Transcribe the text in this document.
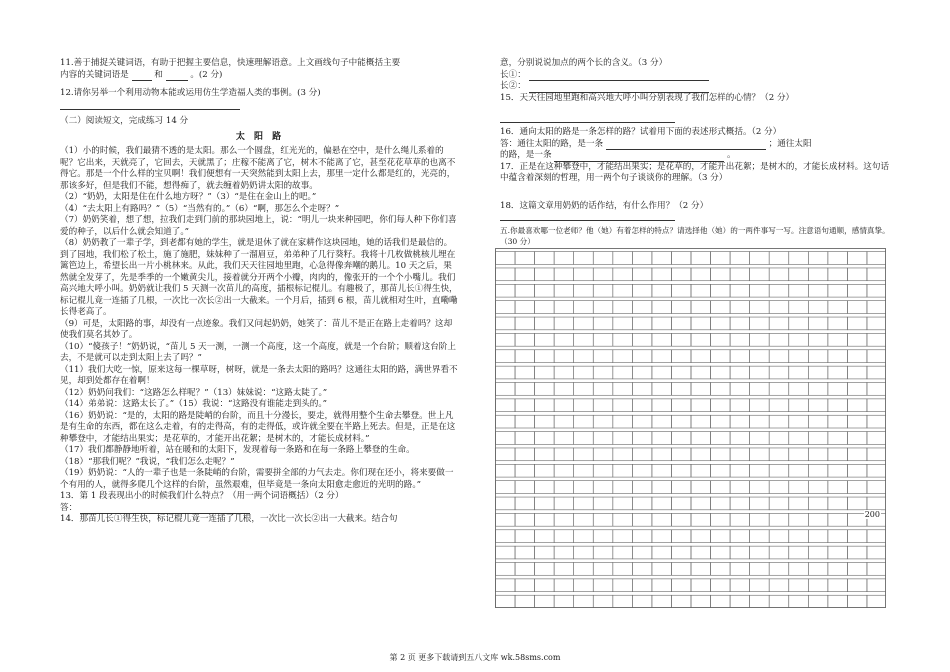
11.善于捕捉关键词语，有助于把握主要信息，快速理解语意。上文画线句子中能概括主要

内容的关键词语是	和	。(2 分)

12.请你另举一个利用动物本能或运用仿生学造福人类的事例。(3 分)

（二）阅读短文，完成练习 14 分

太 阳 路

（1）小的时候，我们最猜不透的是太阳。那么一个圆盘，红光光的，偏悬在空中，是什么绳儿系着的呢？它出来，天就亮了，它回去，天就黑了；庄稼不能离了它，树木不能离了它，甚至花花草草的也离不得它。那是一个什么样的宝贝啊！我们便想有一天突然能到太阳上去，那里一定什么都是红的，光亮的，那该多好，但是我们不能，想得痴了，就去缠着奶奶讲太阳的故事。

（2）“奶奶，太阳是住在什么地方呀？”（3）“是住在金山上的吧。”

（4）“去太阳上有路吗？”（5）“当然有的。”（6）“啊，那怎么个走呀？”

（7）奶奶笑着，想了想，拉我们走到门前的那块园地上，说：“明儿一块来种园吧，你们每人种下你们喜爱的种子，以后什么就会知道了。”

（8）奶奶教了一辈子学，到老都有她的学生，就是退休了就在家耕作这块园地，她的话我们是最信的。到了园地，我们松了松土，施了施肥，妹妹种了一溜眉豆，弟弟种了几行葵籽。我将十几枚做桃核儿埋在篱笆边上，希望长出一片小桃林来。从此，我们天天往园地里跑，心急得像奔嘲的鹅儿。10 天之后，果然就全发芽了，先是季季的一个嫩黄尖儿，接着就分开两个小瓣，肉肉的，像张开的一个个小嘴儿。我们高兴地大呼小叫。奶奶就让我们 5 天测一次苗儿的高度，插根标记棍儿。有趣极了，那苗儿长①得生快，标记棍儿竟一连插了几根，一次比一次长②出一大截来。一个月后，插到 6 根，苗儿就相对生叶，直嘞嘞长得老高了。

（9）可是，太阳路的事，却没有一点迹象。我们又问起奶奶，她笑了：苗儿不是正在路上走着吗？这却使我们莫名其妙了。

（10）“傻孩子！”奶奶说，“苗儿 5 天一测，一测一个高度，这一个高度，就是一个台阶；顺着这台阶上去，不是就可以走到太阳上去了吗？”

（11）我们大吃一惊，原来这每一棵草呀，树呀，就是一条去太阳的路吗？这通往太阳的路，满世界看不见，却到处都存在着啊！

（12）奶奶问我们：“这路怎么样呢？”（13）妹妹说：“这路太陡了。”

（14）弟弟说：这路太长了。”（15）我说：“这路没有谁能走到头的。”

（16）奶奶说：“是的，太阳的路是陡峭的台阶，而且十分漫长，要走，就得用整个生命去攀登。世上凡是有生命的东西，都在这么走着，有的走得高，有的走得低，或许就全要在半路上死去。但是，正是在这种攀登中，才能结出果实；是花草的，才能开出花絮；是树木的，才能长成材料。”

（17）我们都静静地听着，站在暖和的太阳下，发现着每一条路和在每一条路上攀登的生命。

（18）“那我们呢？”我说，“我们怎么走呢？”

（19）奶奶说：“人的一辈子也是一条陡峭的台阶，需要拼全部的力气去走。你们现在还小，将来要做一个有用的人，就得多爬几个这样的台阶，虽然艰难，但毕竟是一条向太阳愈走愈近的光明的路。”

13．第 1 段表现出小的时候我们什么特点？（用一两个词语概括）（2 分）

答：

14．那苗儿长①得生快，标记棍儿竟一连插了几根，一次比一次长②出一大截来。结合句

意，分别说说加点的两个长的含义。（3 分）

长①：

长②：

15．天天往园地里跑和高兴地大呼小叫分别表现了我们怎样的心情？（2 分）

16．通向太阳的路是一条怎样的路？试着用下面的表述形式概括。（2 分）

答：通往太阳的路，是一条	；通往太阳

的路，是一条	。

17．正是在这种攀登中，才能结出果实；是花草的，才能开出花絮；是树木的，才能长成材料。这句话中蕴含着深刻的哲理，用一两个句子谈谈你的理解。（3 分）

18．这篇文章用奶奶的话作结，有什么作用？（2 分）

五.你最喜欢哪一位老师？他（她）有着怎样的特点？请选择他（她）的一两件事写一写。注意语句通顺，感情真挚。（30 分）

200
第 2 页 更多下载请到五八文库 wk.58sms.com
